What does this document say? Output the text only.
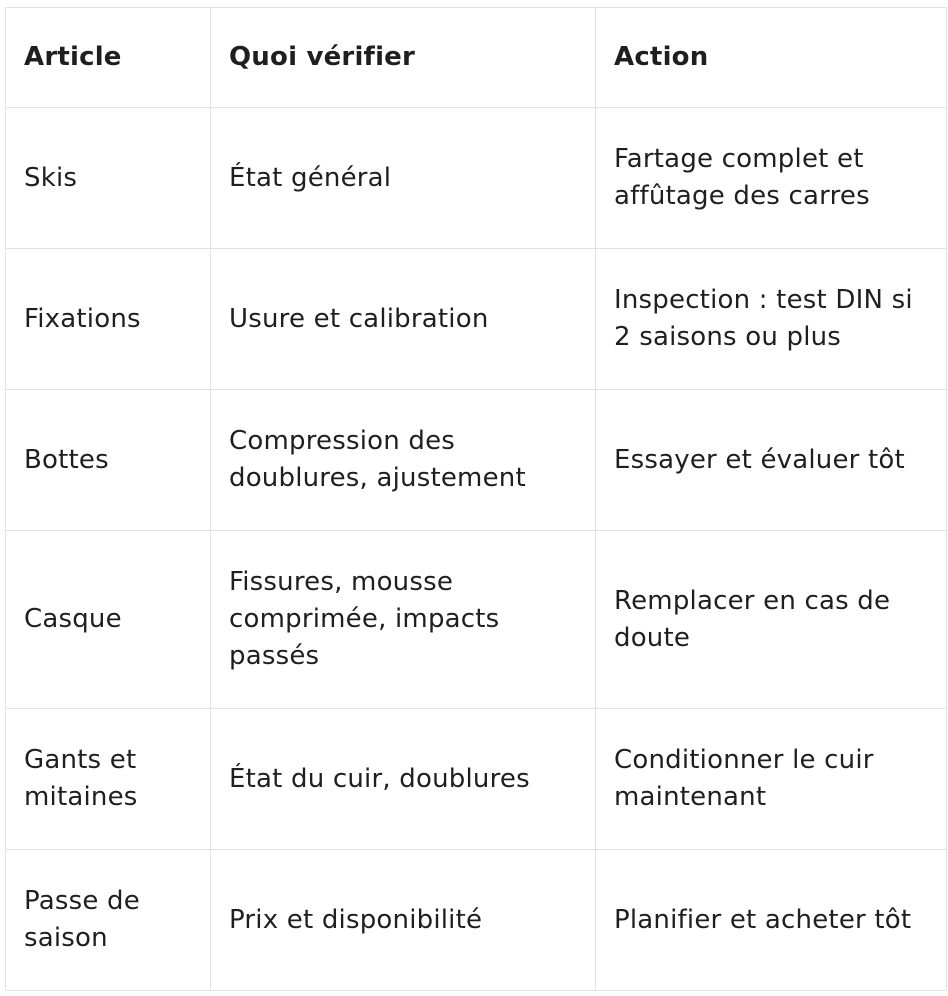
Article	Quoi vérifier	Action
Skis	État général	Fartage complet et affûtage des carres
Fixations	Usure et calibration	Inspection : test DIN si 2 saisons ou plus
Bottes	Compression des doublures, ajustement	Essayer et évaluer tôt
Casque	Fissures, mousse comprimée, impacts passés	Remplacer en cas de doute
Gants et mitaines	État du cuir, doublures	Conditionner le cuir maintenant
Passe de saison	Prix et disponibilité	Planifier et acheter tôt
